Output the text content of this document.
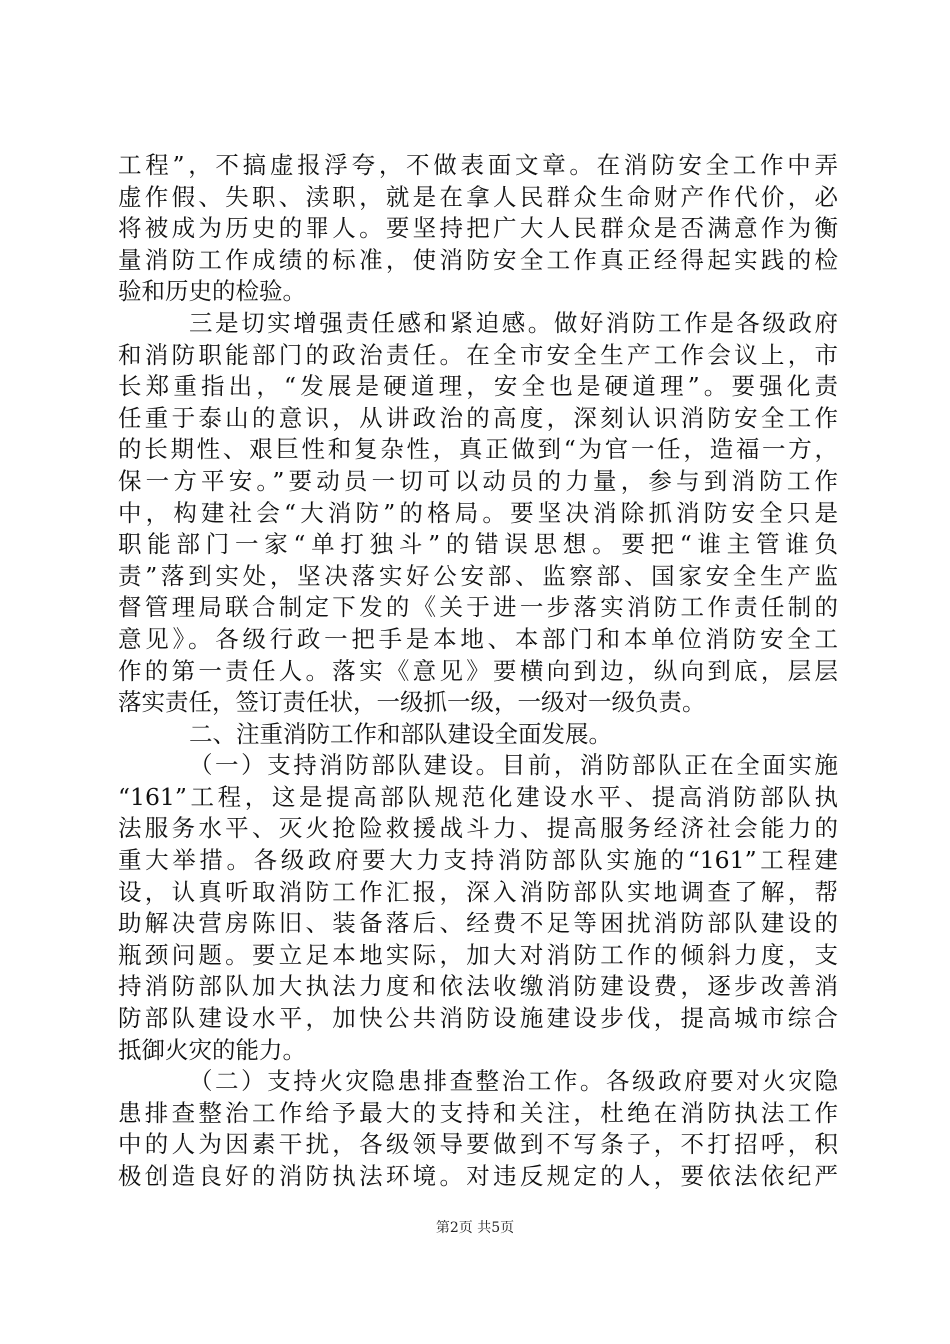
工程”，不搞虚报浮夸，不做表面文章。在消防安全工作中弄
虚作假、失职、渎职，就是在拿人民群众生命财产作代价，必
将被成为历史的罪人。要坚持把广大人民群众是否满意作为衡
量消防工作成绩的标准，使消防安全工作真正经得起实践的检
验和历史的检验。
三是切实增强责任感和紧迫感。做好消防工作是各级政府
和消防职能部门的政治责任。在全市安全生产工作会议上，市
长郑重指出，“发展是硬道理，安全也是硬道理”。要强化责
任重于泰山的意识，从讲政治的高度，深刻认识消防安全工作
的长期性、艰巨性和复杂性，真正做到“为官一任，造福一方，
保一方平安。”要动员一切可以动员的力量，参与到消防工作
中，构建社会“大消防”的格局。要坚决消除抓消防安全只是
职能部门一家“单打独斗”的错误思想。要把“谁主管谁负
责”落到实处，坚决落实好公安部、监察部、国家安全生产监
督管理局联合制定下发的《关于进一步落实消防工作责任制的
意见》。各级行政一把手是本地、本部门和本单位消防安全工
作的第一责任人。落实《意见》要横向到边，纵向到底，层层
落实责任，签订责任状，一级抓一级，一级对一级负责。
二、注重消防工作和部队建设全面发展。
（一）支持消防部队建设。目前，消防部队正在全面实施
“161”工程，这是提高部队规范化建设水平、提高消防部队执
法服务水平、灭火抢险救援战斗力、提高服务经济社会能力的
重大举措。各级政府要大力支持消防部队实施的“161”工程建
设，认真听取消防工作汇报，深入消防部队实地调查了解，帮
助解决营房陈旧、装备落后、经费不足等困扰消防部队建设的
瓶颈问题。要立足本地实际，加大对消防工作的倾斜力度，支
持消防部队加大执法力度和依法收缴消防建设费，逐步改善消
防部队建设水平，加快公共消防设施建设步伐，提高城市综合
抵御火灾的能力。
（二）支持火灾隐患排查整治工作。各级政府要对火灾隐
患排查整治工作给予最大的支持和关注，杜绝在消防执法工作
中的人为因素干扰，各级领导要做到不写条子，不打招呼，积
极创造良好的消防执法环境。对违反规定的人，要依法依纪严
第2页 共5页
